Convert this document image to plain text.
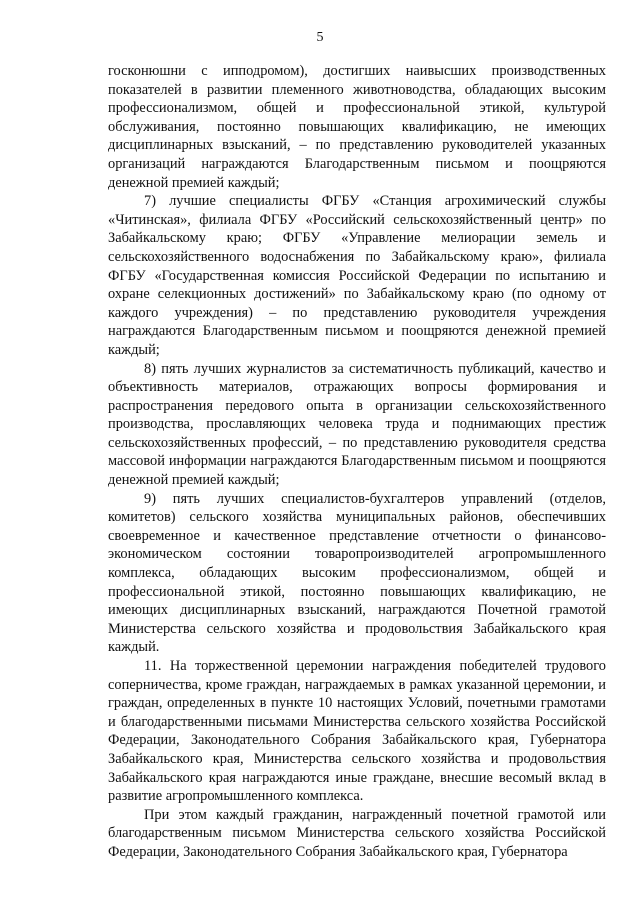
5

госконюшни с ипподромом), достигших наивысших производственных показателей в развитии племенного животноводства, обладающих высоким профессионализмом, общей и профессиональной этикой, культурой обслуживания, постоянно повышающих квалификацию, не имеющих дисциплинарных взысканий, – по представлению руководителей указанных организаций награждаются Благодарственным письмом и поощряются денежной премией каждый;

7) лучшие специалисты ФГБУ «Станция агрохимический службы «Читинская», филиала ФГБУ «Российский сельскохозяйственный центр» по Забайкальскому краю; ФГБУ «Управление мелиорации земель и сельскохозяйственного водоснабжения по Забайкальскому краю», филиала ФГБУ «Государственная комиссия Российской Федерации по испытанию и охране селекционных достижений» по Забайкальскому краю (по одному от каждого учреждения) – по представлению руководителя учреждения награждаются Благодарственным письмом и поощряются денежной премией каждый;

8) пять лучших журналистов за систематичность публикаций, качество и объективность материалов, отражающих вопросы формирования и распространения передового опыта в организации сельскохозяйственного производства, прославляющих человека труда и поднимающих престиж сельскохозяйственных профессий, – по представлению руководителя средства массовой информации награждаются Благодарственным письмом и поощряются денежной премией каждый;

9) пять лучших специалистов-бухгалтеров управлений (отделов, комитетов) сельского хозяйства муниципальных районов, обеспечивших своевременное и качественное представление отчетности о финансово-экономическом состоянии товаропроизводителей агропромышленного комплекса, обладающих высоким профессионализмом, общей и профессиональной этикой, постоянно повышающих квалификацию, не имеющих дисциплинарных взысканий, награждаются Почетной грамотой Министерства сельского хозяйства и продовольствия Забайкальского края каждый.

11. На торжественной церемонии награждения победителей трудового соперничества, кроме граждан, награждаемых в рамках указанной церемонии, и граждан, определенных в пункте 10 настоящих Условий, почетными грамотами и благодарственными письмами Министерства сельского хозяйства Российской Федерации, Законодательного Собрания Забайкальского края, Губернатора Забайкальского края, Министерства сельского хозяйства и продовольствия Забайкальского края награждаются иные граждане, внесшие весомый вклад в развитие агропромышленного комплекса.

При этом каждый гражданин, награжденный почетной грамотой или благодарственным письмом Министерства сельского хозяйства Российской Федерации, Законодательного Собрания Забайкальского края, Губернатора
